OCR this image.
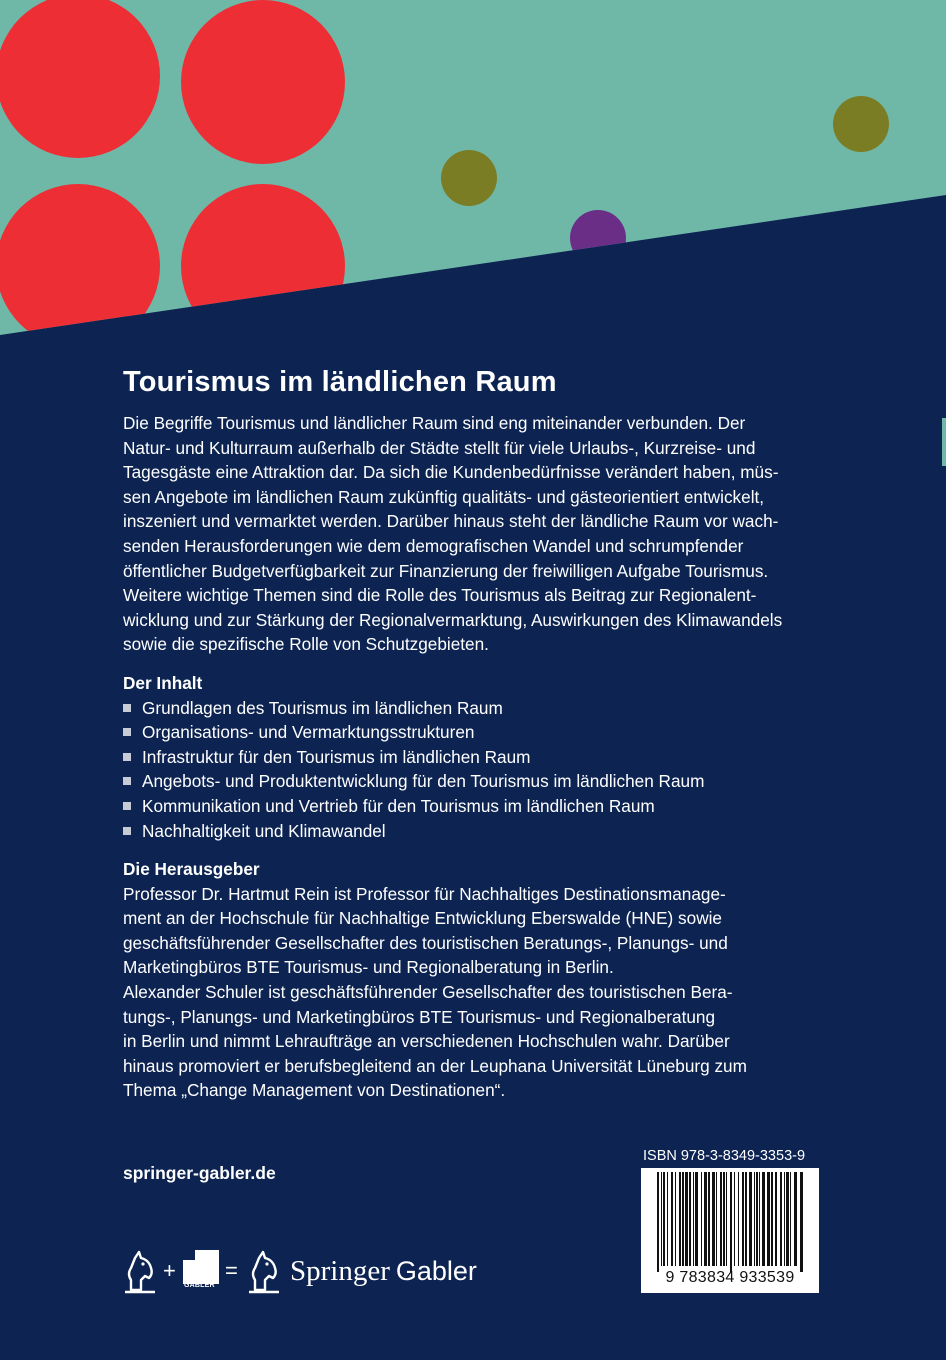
Tourismus im ländlichen Raum

Die Begriffe Tourismus und ländlicher Raum sind eng miteinander verbunden. Der

Natur- und Kulturraum außerhalb der Städte stellt für viele Urlaubs-, Kurzreise- und

Tagesgäste eine Attraktion dar. Da sich die Kundenbedürfnisse verändert haben, müs-

sen Angebote im ländlichen Raum zukünftig qualitäts- und gästeorientiert entwickelt,

inszeniert und vermarktet werden. Darüber hinaus steht der ländliche Raum vor wach-

senden Herausforderungen wie dem demografischen Wandel und schrumpfender

öffentlicher Budgetverfügbarkeit zur Finanzierung der freiwilligen Aufgabe Tourismus.

Weitere wichtige Themen sind die Rolle des Tourismus als Beitrag zur Regionalent-

wicklung und zur Stärkung der Regionalvermarktung, Auswirkungen des Klimawandels

sowie die spezifische Rolle von Schutzgebieten.

Der Inhalt

Grundlagen des Tourismus im ländlichen Raum
Organisations- und Vermarktungsstrukturen
Infrastruktur für den Tourismus im ländlichen Raum
Angebots- und Produktentwicklung für den Tourismus im ländlichen Raum
Kommunikation und Vertrieb für den Tourismus im ländlichen Raum
Nachhaltigkeit und Klimawandel

Die Herausgeber

Professor Dr. Hartmut Rein ist Professor für Nachhaltiges Destinationsmanage-

ment an der Hochschule für Nachhaltige Entwicklung Eberswalde (HNE) sowie

geschäftsführender Gesellschafter des touristischen Beratungs-, Planungs- und

Marketingbüros BTE Tourismus- und Regionalberatung in Berlin.

Alexander Schuler ist geschäftsführender Gesellschafter des touristischen Bera-

tungs-, Planungs- und Marketingbüros BTE Tourismus- und Regionalberatung

in Berlin und nimmt Lehraufträge an verschiedenen Hochschulen wahr. Darüber

hinaus promoviert er berufsbegleitend an der Leuphana Universität Lüneburg zum

Thema „Change Management von Destinationen“.

springer-gabler.de
ISBN 978-3-8349-3353-9
9 783834 933539
+
GABLER
= Springer Gabler
